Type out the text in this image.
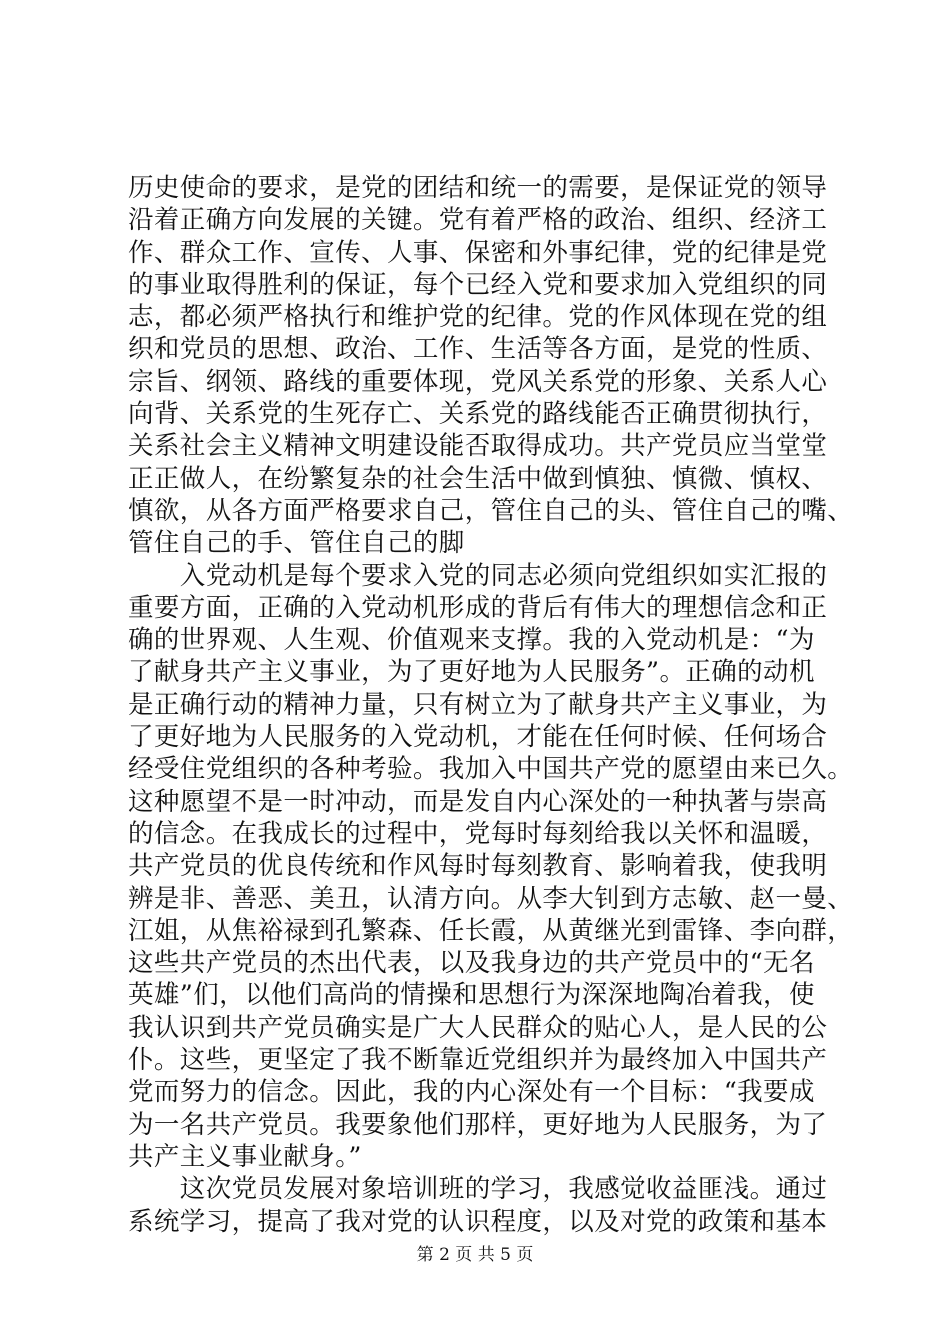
历史使命的要求，是党的团结和统一的需要，是保证党的领导
沿着正确方向发展的关键。党有着严格的政治、组织、经济工
作、群众工作、宣传、人事、保密和外事纪律，党的纪律是党
的事业取得胜利的保证，每个已经入党和要求加入党组织的同
志，都必须严格执行和维护党的纪律。党的作风体现在党的组
织和党员的思想、政治、工作、生活等各方面，是党的性质、
宗旨、纲领、路线的重要体现，党风关系党的形象、关系人心
向背、关系党的生死存亡、关系党的路线能否正确贯彻执行，
关系社会主义精神文明建设能否取得成功。共产党员应当堂堂
正正做人，在纷繁复杂的社会生活中做到慎独、慎微、慎权、
慎欲，从各方面严格要求自己，管住自己的头、管住自己的嘴、
管住自己的手、管住自己的脚
　　入党动机是每个要求入党的同志必须向党组织如实汇报的
重要方面，正确的入党动机形成的背后有伟大的理想信念和正
确的世界观、人生观、价值观来支撑。我的入党动机是：“为
了献身共产主义事业，为了更好地为人民服务”。正确的动机
是正确行动的精神力量，只有树立为了献身共产主义事业，为
了更好地为人民服务的入党动机，才能在任何时候、任何场合
经受住党组织的各种考验。我加入中国共产党的愿望由来已久。
这种愿望不是一时冲动，而是发自内心深处的一种执著与崇高
的信念。在我成长的过程中，党每时每刻给我以关怀和温暖，
共产党员的优良传统和作风每时每刻教育、影响着我，使我明
辨是非、善恶、美丑，认清方向。从李大钊到方志敏、赵一曼、
江姐，从焦裕禄到孔繁森、任长霞，从黄继光到雷锋、李向群，
这些共产党员的杰出代表，以及我身边的共产党员中的“无名
英雄”们，以他们高尚的情操和思想行为深深地陶冶着我，使
我认识到共产党员确实是广大人民群众的贴心人，是人民的公
仆。这些，更坚定了我不断靠近党组织并为最终加入中国共产
党而努力的信念。因此，我的内心深处有一个目标：“我要成
为一名共产党员。我要象他们那样，更好地为人民服务，为了
共产主义事业献身。”
　　这次党员发展对象培训班的学习，我感觉收益匪浅。通过
系统学习，提高了我对党的认识程度，以及对党的政策和基本
第 2 页 共 5 页
